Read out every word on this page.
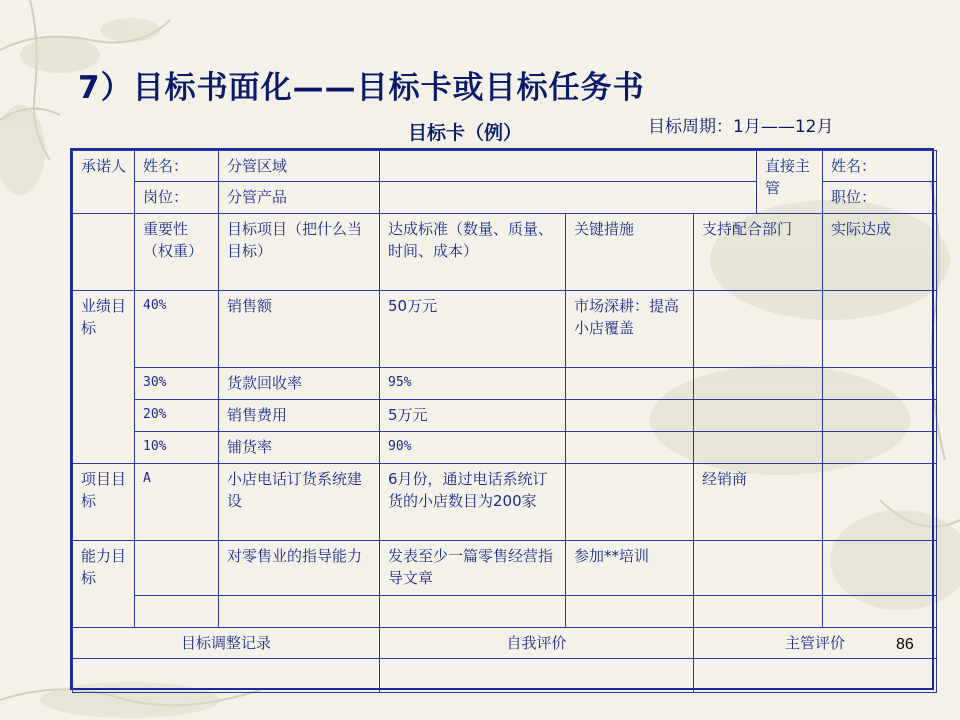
7）目标书面化——目标卡或目标任务书
目标卡（例）	目标周期：1月——12月
承诺人	姓名：	分管区域				直接主管	姓名：
	岗位：	分管产品					职位：
	重要性（权重）	目标项目（把什么当目标）	达成标准（数量、质量、时间、成本）	关键措施	支持配合部门		实际达成
业绩目标	40%	销售额	50万元	市场深耕：提高小店覆盖			
	30%	货款回收率	95%				
	20%	销售费用	5万元				
	10%	铺货率	90%				
项目目标	A	小店电话订货系统建设	6月份，通过电话系统订货的小店数目为200家		经销商		
能力目标		对零售业的指导能力	发表至少一篇零售经营指导文章	参加**培训			

目标调整记录			自我评价		主管评价		
			86
